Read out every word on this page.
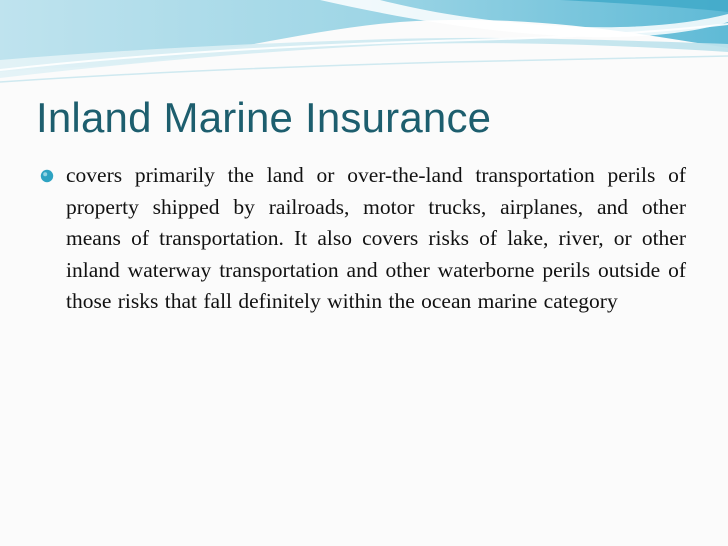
Inland Marine Insurance

covers primarily the land or over-the-land transportation perils of property shipped by railroads, motor trucks, airplanes, and other means of transportation. It also covers risks of lake, river, or other inland waterway transportation and other waterborne perils outside of those risks that fall definitely within the ocean marine category
